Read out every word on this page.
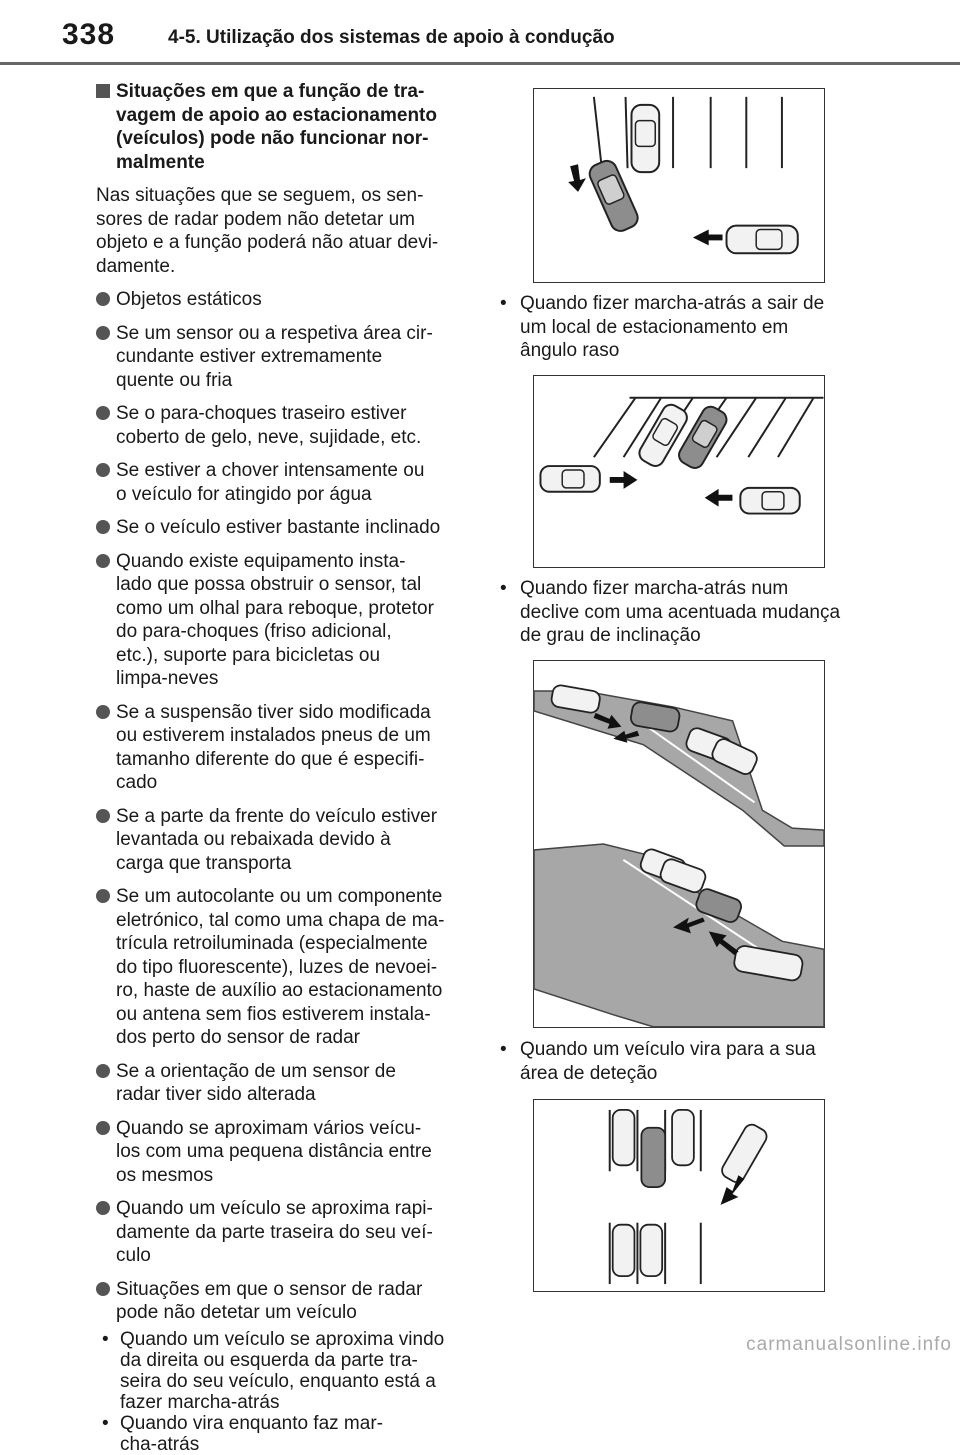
338	4-5. Utilização dos sistemas de apoio à condução
Situações em que a função de tra-
vagem de apoio ao estacionamento
(veículos) pode não funcionar nor-
malmente
Nas situações que se seguem, os sen-
sores de radar podem não detetar um
objeto e a função poderá não atuar devi-
damente.
Objetos estáticos
Se um sensor ou a respetiva área cir-
cundante estiver extremamente
quente ou fria
Se o para-choques traseiro estiver
coberto de gelo, neve, sujidade, etc.
Se estiver a chover intensamente ou
o veículo for atingido por água
Se o veículo estiver bastante inclinado
Quando existe equipamento insta-
lado que possa obstruir o sensor, tal
como um olhal para reboque, protetor
do para-choques (friso adicional,
etc.), suporte para bicicletas ou
limpa-neves
Se a suspensão tiver sido modificada
ou estiverem instalados pneus de um
tamanho diferente do que é especifi-
cado
Se a parte da frente do veículo estiver
levantada ou rebaixada devido à
carga que transporta
Se um autocolante ou um componente
eletrónico, tal como uma chapa de ma-
trícula retroiluminada (especialmente
do tipo fluorescente), luzes de nevoei-
ro, haste de auxílio ao estacionamento
ou antena sem fios estiverem instala-
dos perto do sensor de radar
Se a orientação de um sensor de
radar tiver sido alterada
Quando se aproximam vários veícu-
los com uma pequena distância entre
os mesmos
Quando um veículo se aproxima rapi-
damente da parte traseira do seu veí-
culo
Situações em que o sensor de radar
pode não detetar um veículo
• Quando um veículo se aproxima vindo
da direita ou esquerda da parte tra-
seira do seu veículo, enquanto está a
fazer marcha-atrás
• Quando vira enquanto faz mar-
cha-atrás
• Quando fizer marcha-atrás a sair de
um local de estacionamento em
ângulo raso
• Quando fizer marcha-atrás num
declive com uma acentuada mudança
de grau de inclinação
• Quando um veículo vira para a sua
área de deteção
carmanualsonline.info
